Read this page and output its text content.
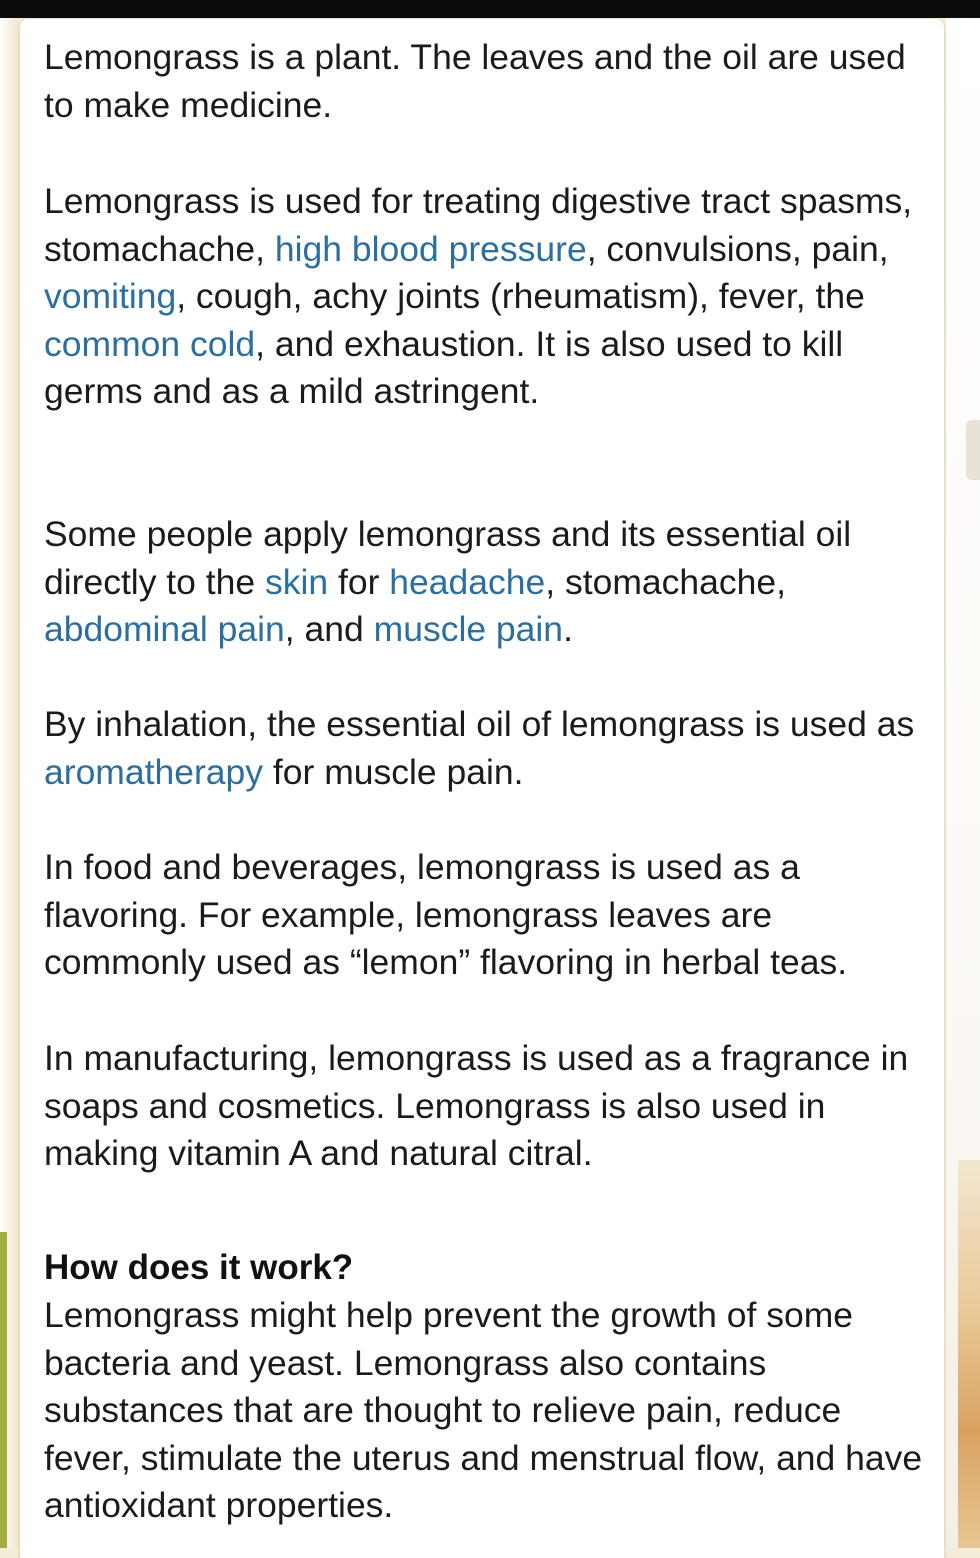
Lemongrass is a plant. The leaves and the oil are used to make medicine.

Lemongrass is used for treating digestive tract spasms, stomachache, high blood pressure, convulsions, pain, vomiting, cough, achy joints (rheumatism), fever, the common cold, and exhaustion. It is also used to kill germs and as a mild astringent.

Some people apply lemongrass and its essential oil directly to the skin for headache, stomachache, abdominal pain, and muscle pain.

By inhalation, the essential oil of lemongrass is used as aromatherapy for muscle pain.

In food and beverages, lemongrass is used as a flavoring. For example, lemongrass leaves are commonly used as “lemon” flavoring in herbal teas.

In manufacturing, lemongrass is used as a fragrance in soaps and cosmetics. Lemongrass is also used in making vitamin A and natural citral.

How does it work?

Lemongrass might help prevent the growth of some bacteria and yeast. Lemongrass also contains substances that are thought to relieve pain, reduce fever, stimulate the uterus and menstrual flow, and have antioxidant properties.
